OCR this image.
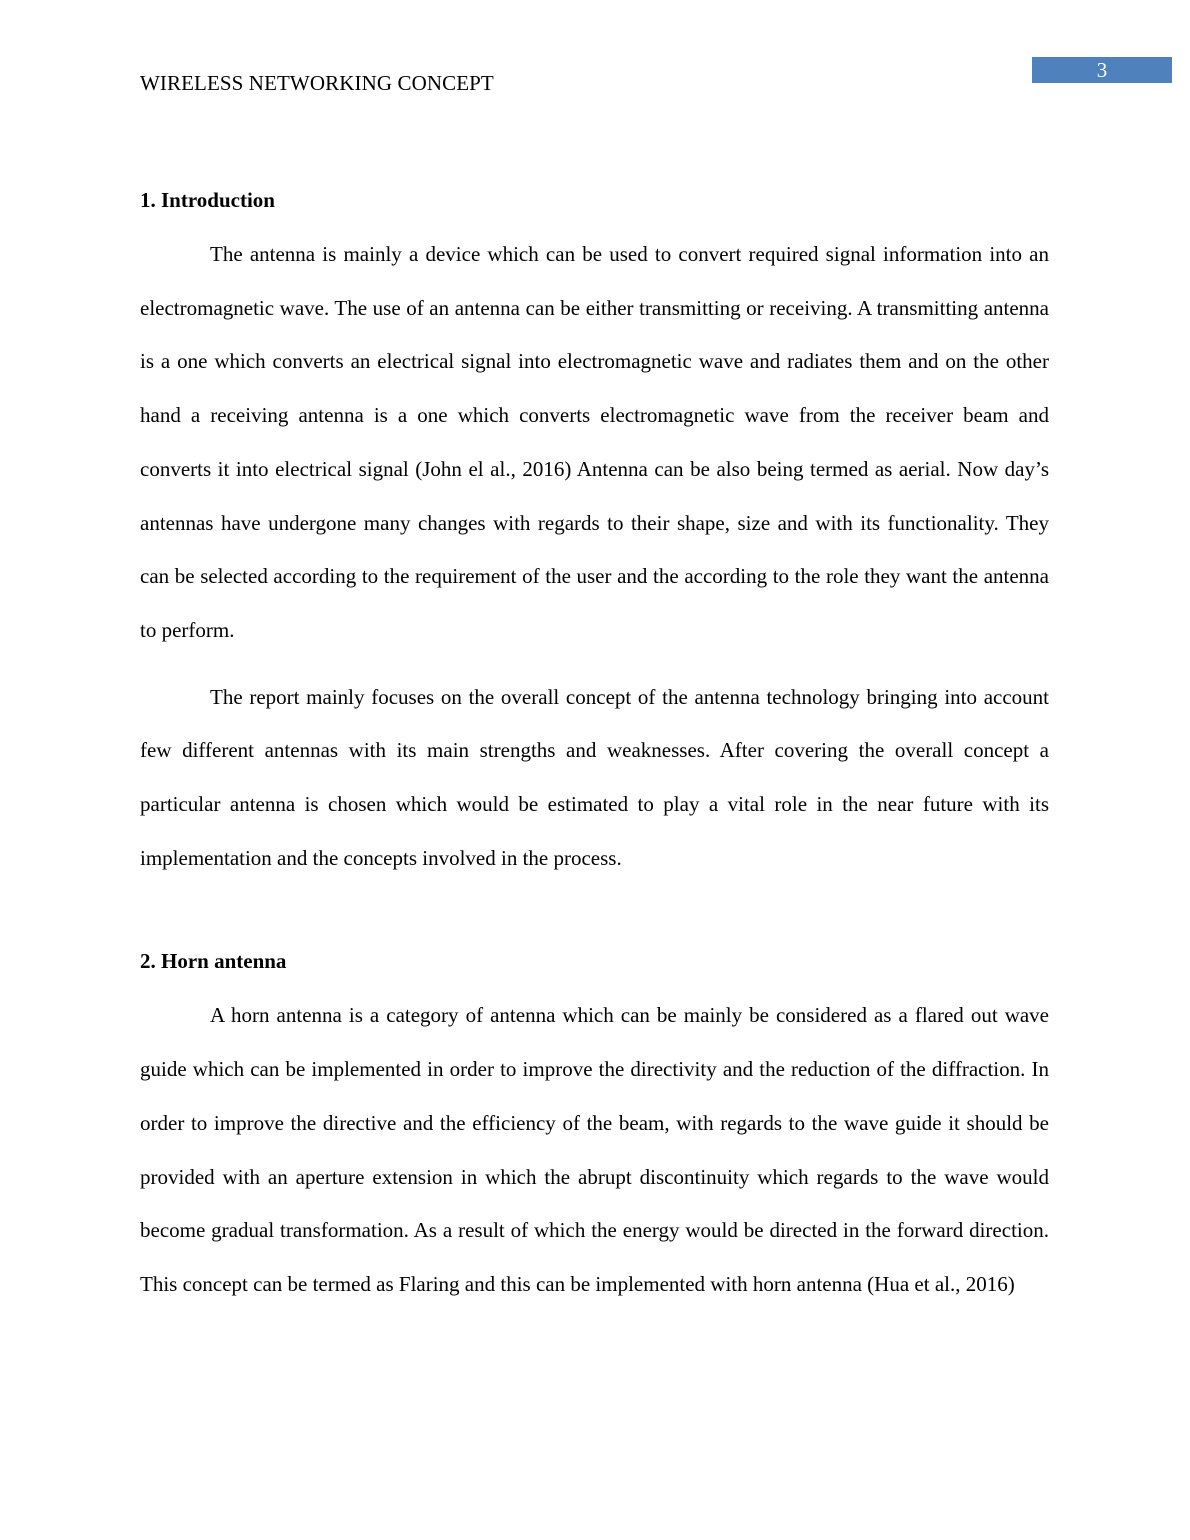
3
WIRELESS NETWORKING CONCEPT
1. Introduction

The antenna is mainly a device which can be used to convert required signal information into an electromagnetic wave. The use of an antenna can be either transmitting or receiving. A transmitting antenna is a one which converts an electrical signal into electromagnetic wave and radiates them and on the other hand a receiving antenna is a one which converts electromagnetic wave from the receiver beam and converts it into electrical signal (John el al., 2016) Antenna can be also being termed as aerial. Now day’s antennas have undergone many changes with regards to their shape, size and with its functionality. They can be selected according to the requirement of the user and the according to the role they want the antenna to perform.

The report mainly focuses on the overall concept of the antenna technology bringing into account few different antennas with its main strengths and weaknesses. After covering the overall concept a particular antenna is chosen which would be estimated to play a vital role in the near future with its implementation and the concepts involved in the process.

2. Horn antenna

A horn antenna is a category of antenna which can be mainly be considered as a flared out wave guide which can be implemented in order to improve the directivity and the reduction of the diffraction. In order to improve the directive and the efficiency of the beam, with regards to the wave guide it should be provided with an aperture extension in which the abrupt discontinuity which regards to the wave would become gradual transformation. As a result of which the energy would be directed in the forward direction. This concept can be termed as Flaring and this can be implemented with horn antenna (Hua et al., 2016)
